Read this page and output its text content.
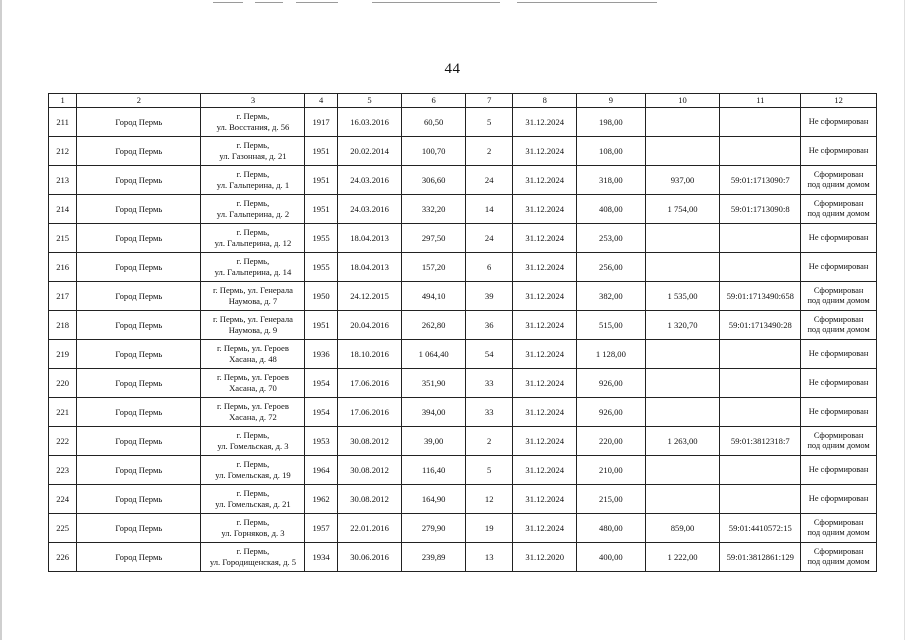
44
1	2	3	4	5	6	7	8	9	10	11	12
211	Город Пермь	г. Пермь,
ул. Восстания, д. 56	1917	16.03.2016	60,50	5	31.12.2024	198,00			Не сформирован

212	Город Пермь	г. Пермь,
ул. Газонная, д. 21	1951	20.02.2014	100,70	2	31.12.2024	108,00			Не сформирован

213	Город Пермь	г. Пермь,
ул. Гальперина, д. 1	1951	24.03.2016	306,60	24	31.12.2024	318,00	937,00	59:01:1713090:7	Сформирован
под одним домом

214	Город Пермь	г. Пермь,
ул. Гальперина, д. 2	1951	24.03.2016	332,20	14	31.12.2024	408,00	1 754,00	59:01:1713090:8	Сформирован
под одним домом

215	Город Пермь	г. Пермь,
ул. Гальперина, д. 12	1955	18.04.2013	297,50	24	31.12.2024	253,00			Не сформирован

216	Город Пермь	г. Пермь,
ул. Гальперина, д. 14	1955	18.04.2013	157,20	6	31.12.2024	256,00			Не сформирован

217	Город Пермь	г. Пермь, ул. Генерала
Наумова, д. 7	1950	24.12.2015	494,10	39	31.12.2024	382,00	1 535,00	59:01:1713490:658	Сформирован
под одним домом

218	Город Пермь	г. Пермь, ул. Генерала
Наумова, д. 9	1951	20.04.2016	262,80	36	31.12.2024	515,00	1 320,70	59:01:1713490:28	Сформирован
под одним домом

219	Город Пермь	г. Пермь, ул. Героев
Хасана, д. 48	1936	18.10.2016	1 064,40	54	31.12.2024	1 128,00			Не сформирован

220	Город Пермь	г. Пермь, ул. Героев
Хасана, д. 70	1954	17.06.2016	351,90	33	31.12.2024	926,00			Не сформирован

221	Город Пермь	г. Пермь, ул. Героев
Хасана, д. 72	1954	17.06.2016	394,00	33	31.12.2024	926,00			Не сформирован

222	Город Пермь	г. Пермь,
ул. Гомельская, д. 3	1953	30.08.2012	39,00	2	31.12.2024	220,00	1 263,00	59:01:3812318:7	Сформирован
под одним домом

223	Город Пермь	г. Пермь,
ул. Гомельская, д. 19	1964	30.08.2012	116,40	5	31.12.2024	210,00			Не сформирован

224	Город Пермь	г. Пермь,
ул. Гомельская, д. 21	1962	30.08.2012	164,90	12	31.12.2024	215,00			Не сформирован

225	Город Пермь	г. Пермь,
ул. Горняков, д. 3	1957	22.01.2016	279,90	19	31.12.2024	480,00	859,00	59:01:4410572:15	Сформирован
под одним домом

226	Город Пермь	г. Пермь,
ул. Городищенская, д. 5	1934	30.06.2016	239,89	13	31.12.2020	400,00	1 222,00	59:01:3812861:129	Сформирован
под одним домом
